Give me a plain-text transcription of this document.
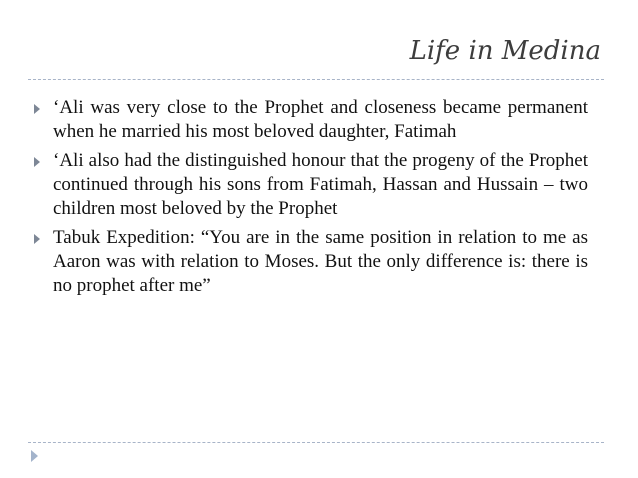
Life in Medina
‘Ali was very close to the Prophet and closeness became permanent when he married his most beloved daughter, Fatimah
‘Ali also had the distinguished honour that the progeny of the Prophet continued through his sons from Fatimah, Hassan and Hussain – two children most beloved by the Prophet
Tabuk Expedition: “You are in the same position in relation to me as Aaron was with relation to Moses. But the only difference is: there is no prophet after me”
